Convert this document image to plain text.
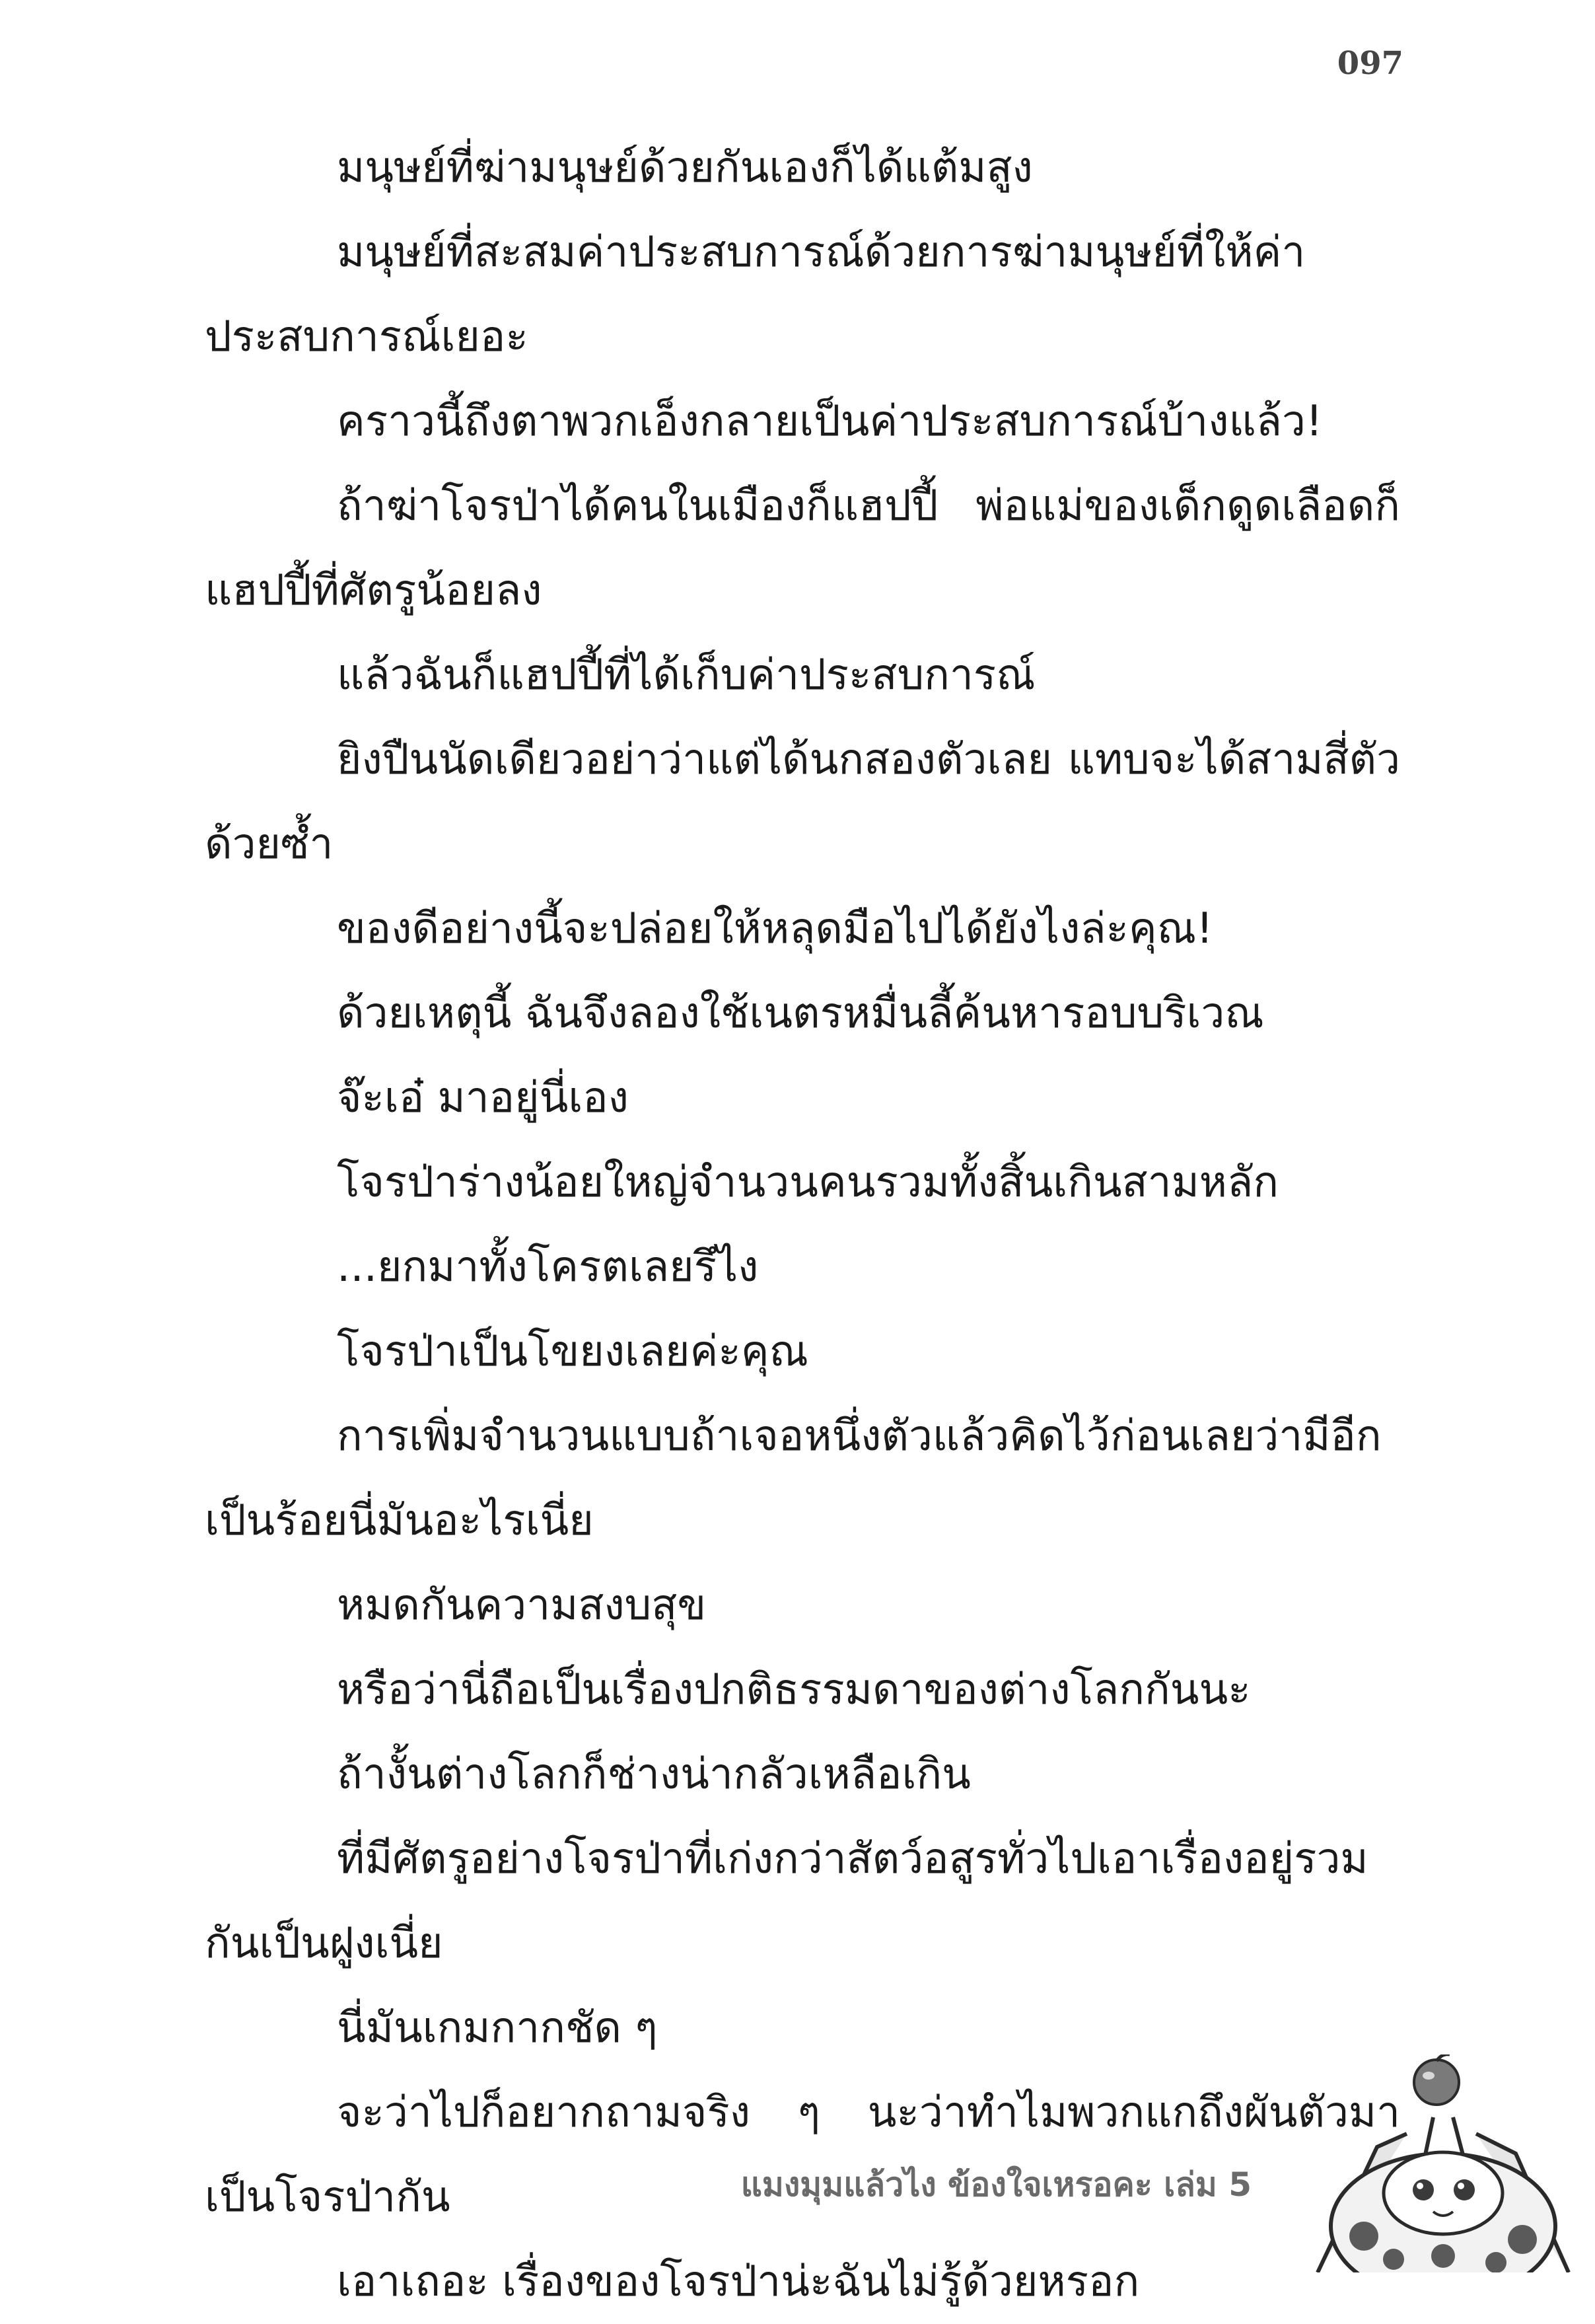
097

มนุษย์ที่ฆ่ามนุษย์ด้วยกันเองก็ได้แต้มสูง

มนุษย์ที่สะสมค่าประสบการณ์ด้วยการฆ่ามนุษย์ที่ให้ค่าประสบการณ์เยอะ

คราวนี้ถึงตาพวกเอ็งกลายเป็นค่าประสบการณ์บ้างแล้ว!

ถ้าฆ่าโจรป่าได้คนในเมืองก็แฮปปี้ พ่อแม่ของเด็กดูดเลือดก็แฮปปี้ที่ศัตรูน้อยลง

แล้วฉันก็แฮปปี้ที่ได้เก็บค่าประสบการณ์

ยิงปืนนัดเดียวอย่าว่าแต่ได้นกสองตัวเลย แทบจะได้สามสี่ตัวด้วยซ้ำ

ของดีอย่างนี้จะปล่อยให้หลุดมือไปได้ยังไงล่ะคุณ!

ด้วยเหตุนี้ ฉันจึงลองใช้เนตรหมื่นลี้ค้นหารอบบริเวณ

จ๊ะเอ๋ มาอยู่นี่เอง

โจรป่าร่างน้อยใหญ่จำนวนคนรวมทั้งสิ้นเกินสามหลัก

...ยกมาทั้งโครตเลยรึไง

โจรป่าเป็นโขยงเลยค่ะคุณ

การเพิ่มจำนวนแบบถ้าเจอหนึ่งตัวแล้วคิดไว้ก่อนเลยว่ามีอีกเป็นร้อยนี่มันอะไรเนี่ย

หมดกันความสงบสุข

หรือว่านี่ถือเป็นเรื่องปกติธรรมดาของต่างโลกกันนะ

ถ้างั้นต่างโลกก็ช่างน่ากลัวเหลือเกิน

ที่มีศัตรูอย่างโจรป่าที่เก่งกว่าสัตว์อสูรทั่วไปเอาเรื่องอยู่รวมกันเป็นฝูงเนี่ย

นี่มันเกมกากชัด ๆ

จะว่าไปก็อยากถามจริง ๆ นะว่าทำไมพวกแกถึงผันตัวมาเป็นโจรป่ากัน

เอาเถอะ เรื่องของโจรป่าน่ะฉันไม่รู้ด้วยหรอก

แมงมุมแล้วไง ข้องใจเหรอคะ เล่ม 5
